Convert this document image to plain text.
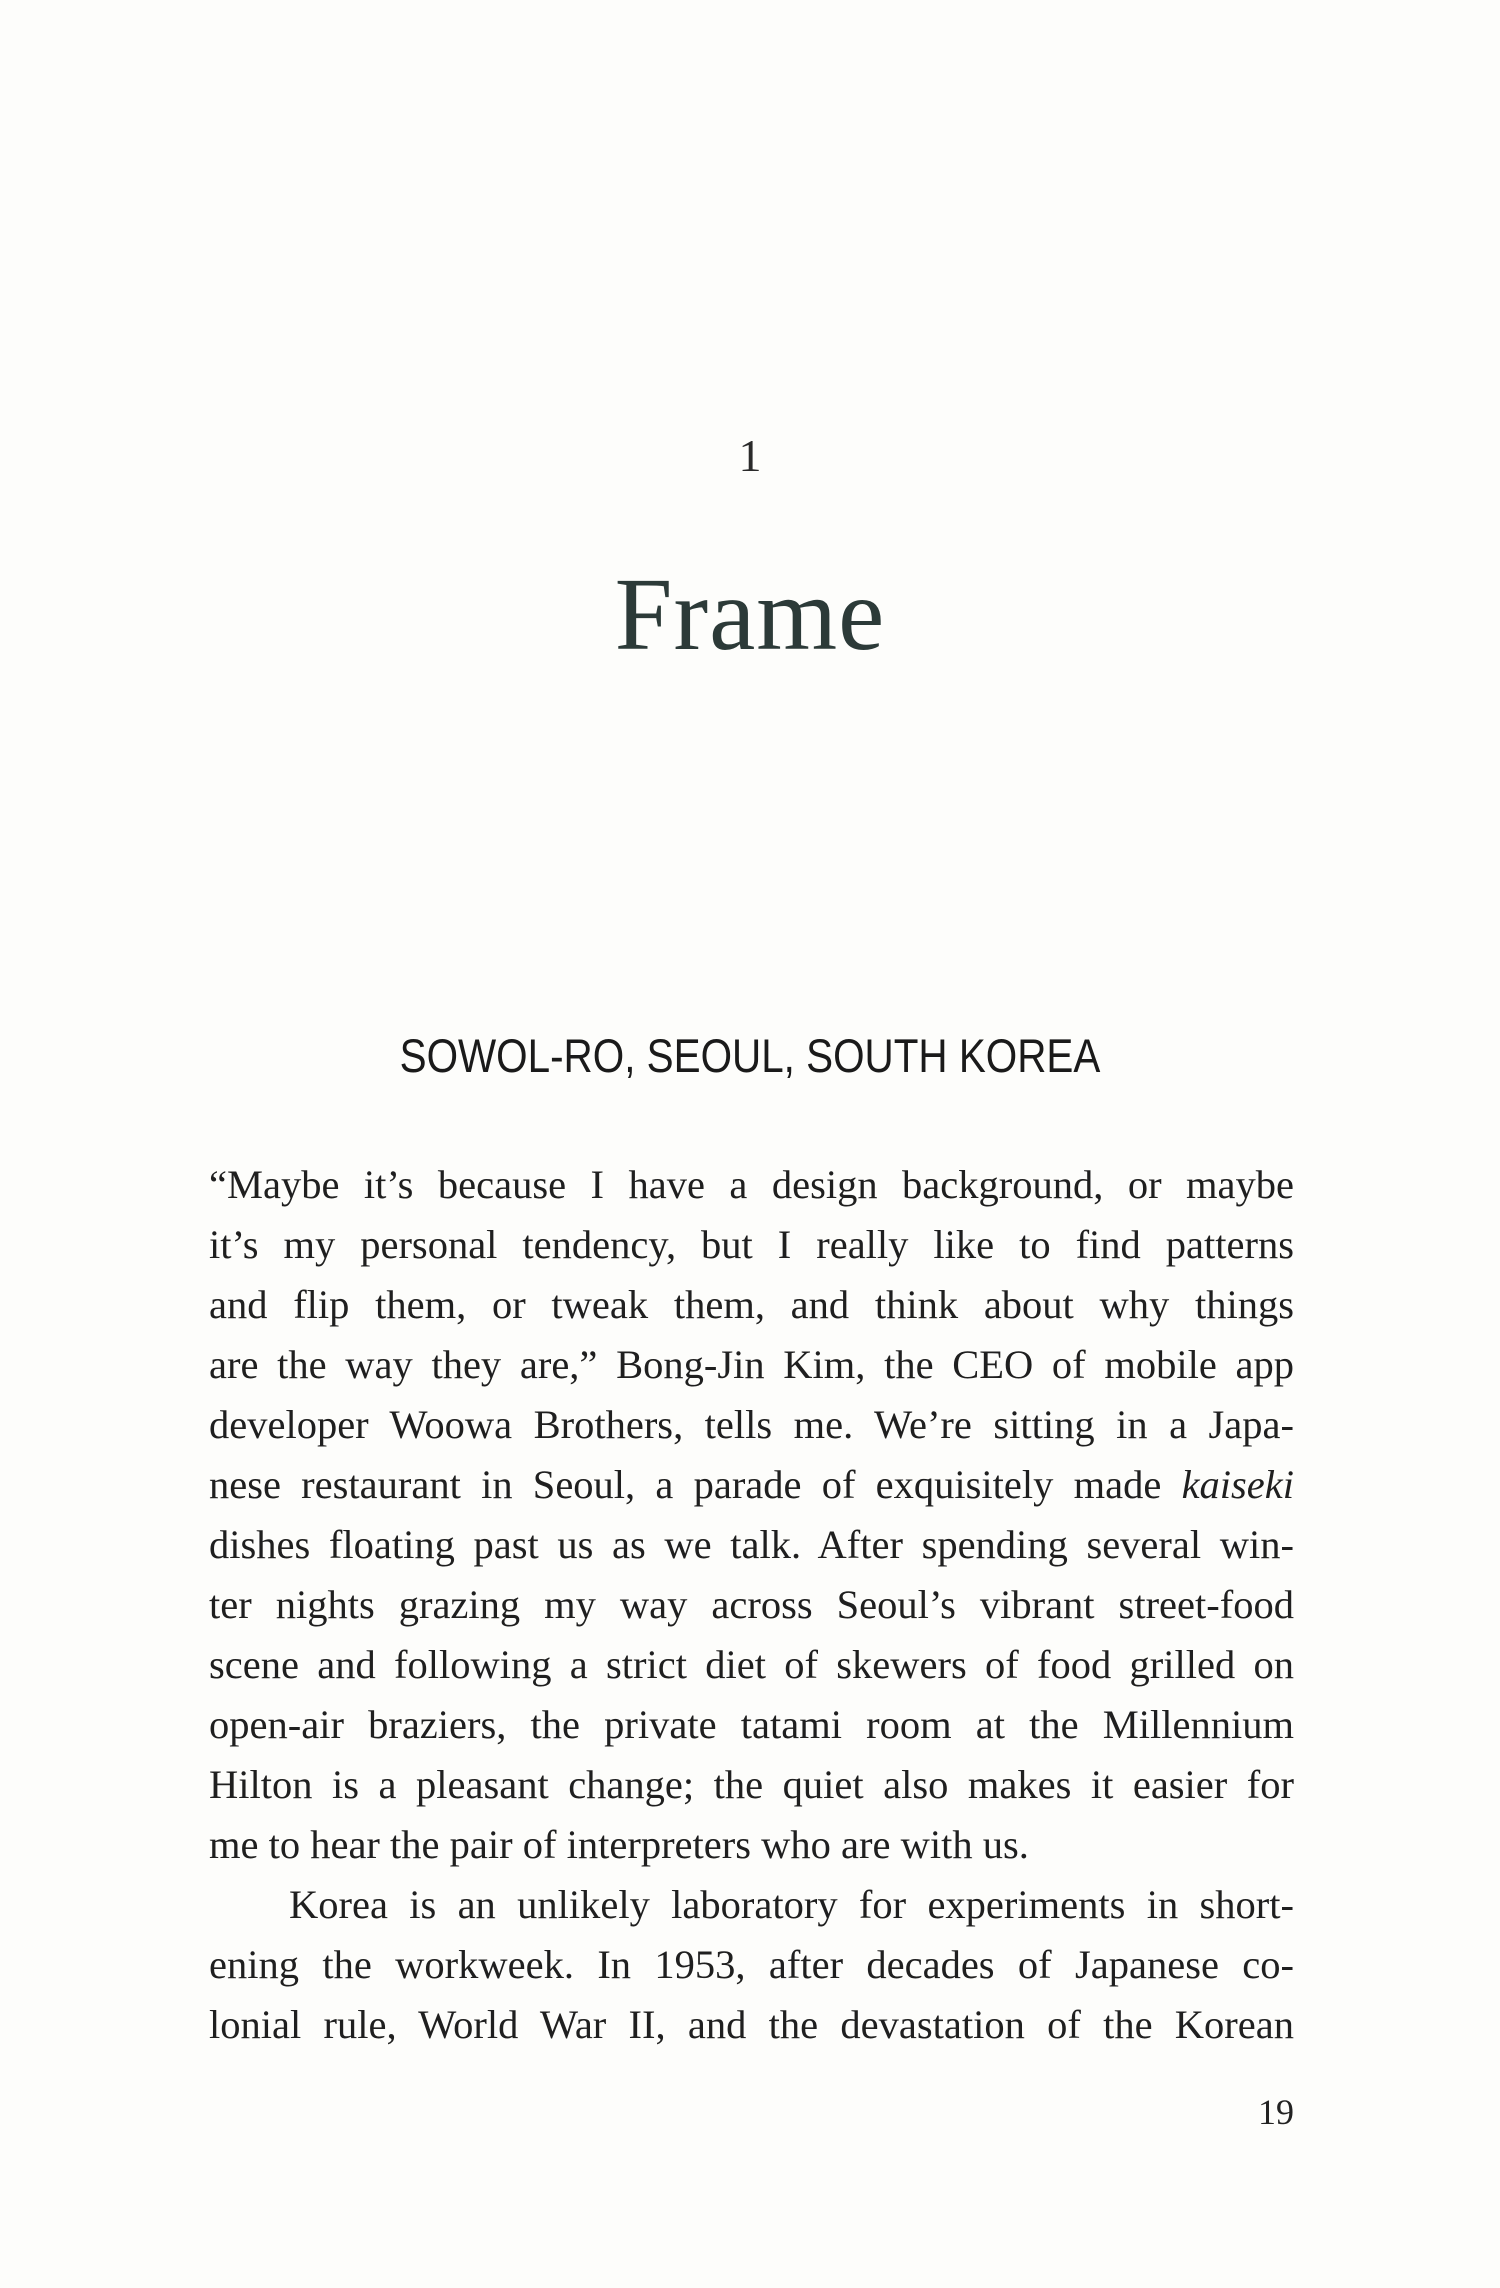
1
Frame
SOWOL-RO, SEOUL, SOUTH KOREA
“Maybe it’s because I have a design background, or maybe
it’s my personal tendency, but I really like to find patterns
and flip them, or tweak them, and think about why things
are the way they are,” Bong-Jin Kim, the CEO of mobile app
developer Woowa Brothers, tells me. We’re sitting in a Japa-
nese restaurant in Seoul, a parade of exquisitely made kaiseki
dishes floating past us as we talk. After spending several win-
ter nights grazing my way across Seoul’s vibrant street-food
scene and following a strict diet of skewers of food grilled on
open-air braziers, the private tatami room at the Millennium
Hilton is a pleasant change; the quiet also makes it easier for
me to hear the pair of interpreters who are with us.
Korea is an unlikely laboratory for experiments in short-
ening the workweek. In 1953, after decades of Japanese co-
lonial rule, World War II, and the devastation of the Korean
19
